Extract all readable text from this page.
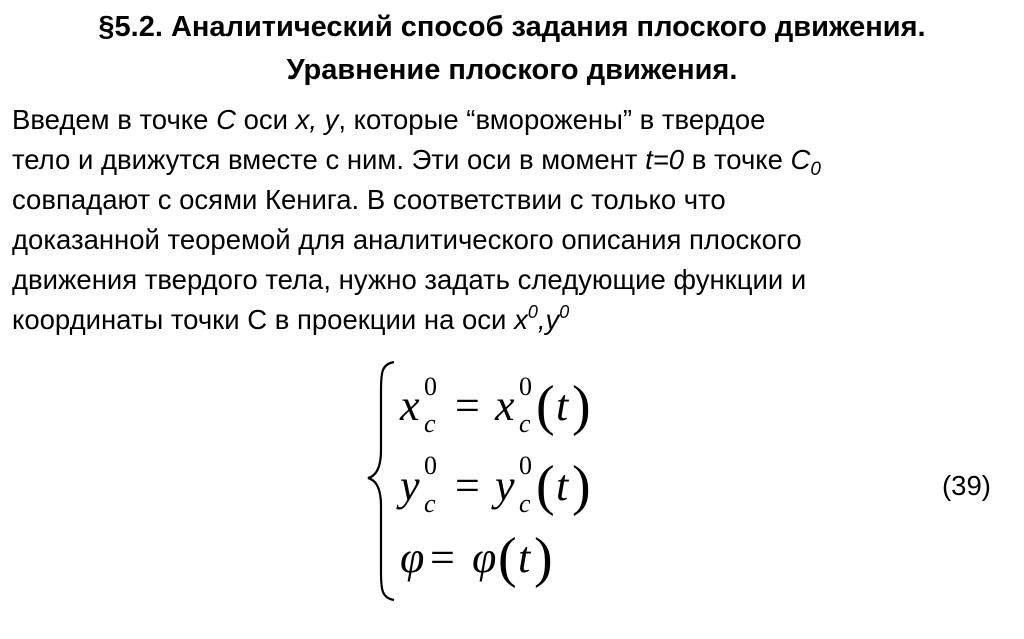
§5.2. Аналитический способ задания плоского движения.
Уравнение плоского движения.
Введем в точке C оси x, y, которые “вморожены” в твердое
тело и движутся вместе с ним. Эти оси в момент t=0 в точке $C_0$
совпадают с осями Кенига. В соответствии с только что
доказанной теоремой для аналитического описания плоского
движения твердого тела, нужно задать следующие функции и
координаты точки С в проекции на оси $x^0,y^0$
x 0
c = x 0
c ( t )
y 0
c = y 0
c ( t )
φ = φ ( t )
(39)
